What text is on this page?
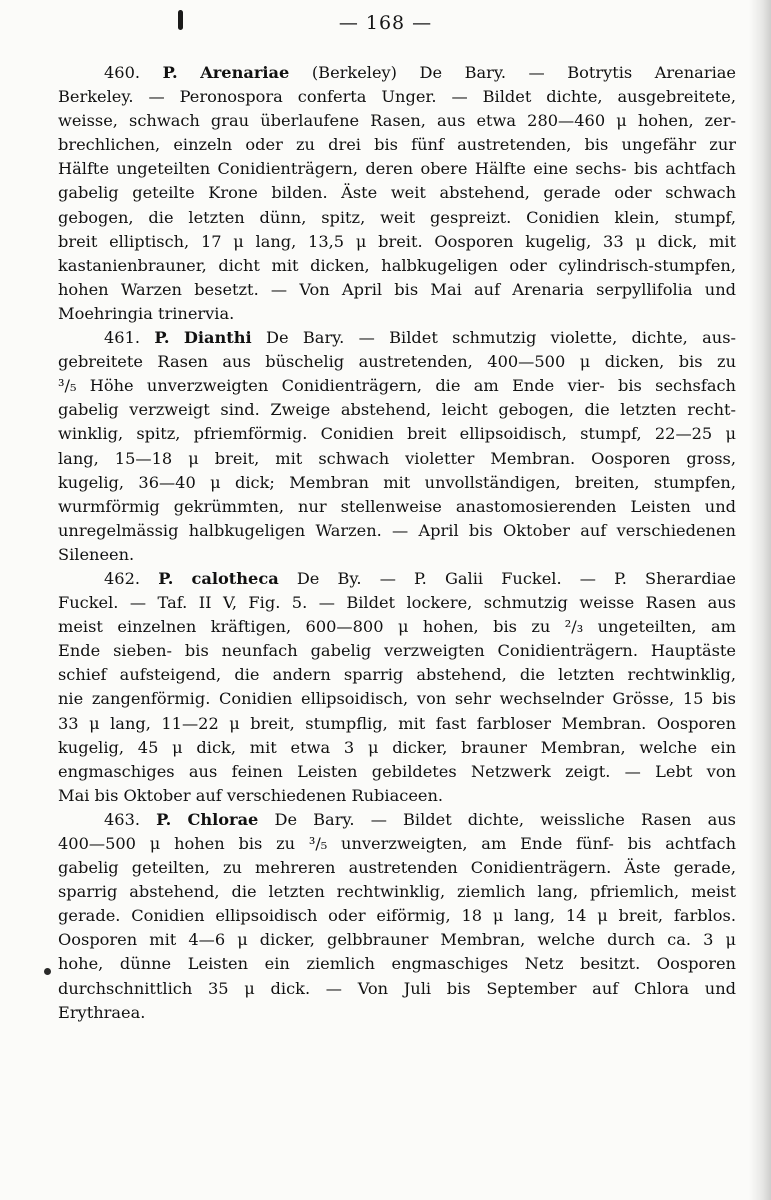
— 168 —
460. P. Arenariae (Berkeley) De Bary. — Botrytis Arenariae
Berkeley. — Peronospora conferta Unger. — Bildet dichte, ausgebreitete,
weisse, schwach grau überlaufene Rasen, aus etwa 280—460 μ hohen, zer-
brechlichen, einzeln oder zu drei bis fünf austretenden, bis ungefähr zur
Hälfte ungeteilten Conidienträgern, deren obere Hälfte eine sechs- bis achtfach
gabelig geteilte Krone bilden. Äste weit abstehend, gerade oder schwach
gebogen, die letzten dünn, spitz, weit gespreizt. Conidien klein, stumpf,
breit elliptisch, 17 μ lang, 13,5 μ breit. Oosporen kugelig, 33 μ dick, mit
kastanienbrauner, dicht mit dicken, halbkugeligen oder cylindrisch-stumpfen,
hohen Warzen besetzt. — Von April bis Mai auf Arenaria serpyllifolia und
Moehringia trinervia.
461. P. Dianthi De Bary. — Bildet schmutzig violette, dichte, aus-
gebreitete Rasen aus büschelig austretenden, 400—500 μ dicken, bis zu
³/₅ Höhe unverzweigten Conidienträgern, die am Ende vier- bis sechsfach
gabelig verzweigt sind. Zweige abstehend, leicht gebogen, die letzten recht-
winklig, spitz, pfriemförmig. Conidien breit ellipsoidisch, stumpf, 22—25 μ
lang, 15—18 μ breit, mit schwach violetter Membran. Oosporen gross,
kugelig, 36—40 μ dick; Membran mit unvollständigen, breiten, stumpfen,
wurmförmig gekrümmten, nur stellenweise anastomosierenden Leisten und
unregelmässig halbkugeligen Warzen. — April bis Oktober auf verschiedenen
Sileneen.
462. P. calotheca De By. — P. Galii Fuckel. — P. Sherardiae
Fuckel. — Taf. II V, Fig. 5. — Bildet lockere, schmutzig weisse Rasen aus
meist einzelnen kräftigen, 600—800 μ hohen, bis zu ²/₃ ungeteilten, am
Ende sieben- bis neunfach gabelig verzweigten Conidienträgern. Hauptäste
schief aufsteigend, die andern sparrig abstehend, die letzten rechtwinklig,
nie zangenförmig. Conidien ellipsoidisch, von sehr wechselnder Grösse, 15 bis
33 μ lang, 11—22 μ breit, stumpflig, mit fast farbloser Membran. Oosporen
kugelig, 45 μ dick, mit etwa 3 μ dicker, brauner Membran, welche ein
engmaschiges aus feinen Leisten gebildetes Netzwerk zeigt. — Lebt von
Mai bis Oktober auf verschiedenen Rubiaceen.
463. P. Chlorae De Bary. — Bildet dichte, weissliche Rasen aus
400—500 μ hohen bis zu ³/₅ unverzweigten, am Ende fünf- bis achtfach
gabelig geteilten, zu mehreren austretenden Conidienträgern. Äste gerade,
sparrig abstehend, die letzten rechtwinklig, ziemlich lang, pfriemlich, meist
gerade. Conidien ellipsoidisch oder eiförmig, 18 μ lang, 14 μ breit, farblos.
Oosporen mit 4—6 μ dicker, gelbbrauner Membran, welche durch ca. 3 μ
hohe, dünne Leisten ein ziemlich engmaschiges Netz besitzt. Oosporen
durchschnittlich 35 μ dick. — Von Juli bis September auf Chlora und
Erythraea.
